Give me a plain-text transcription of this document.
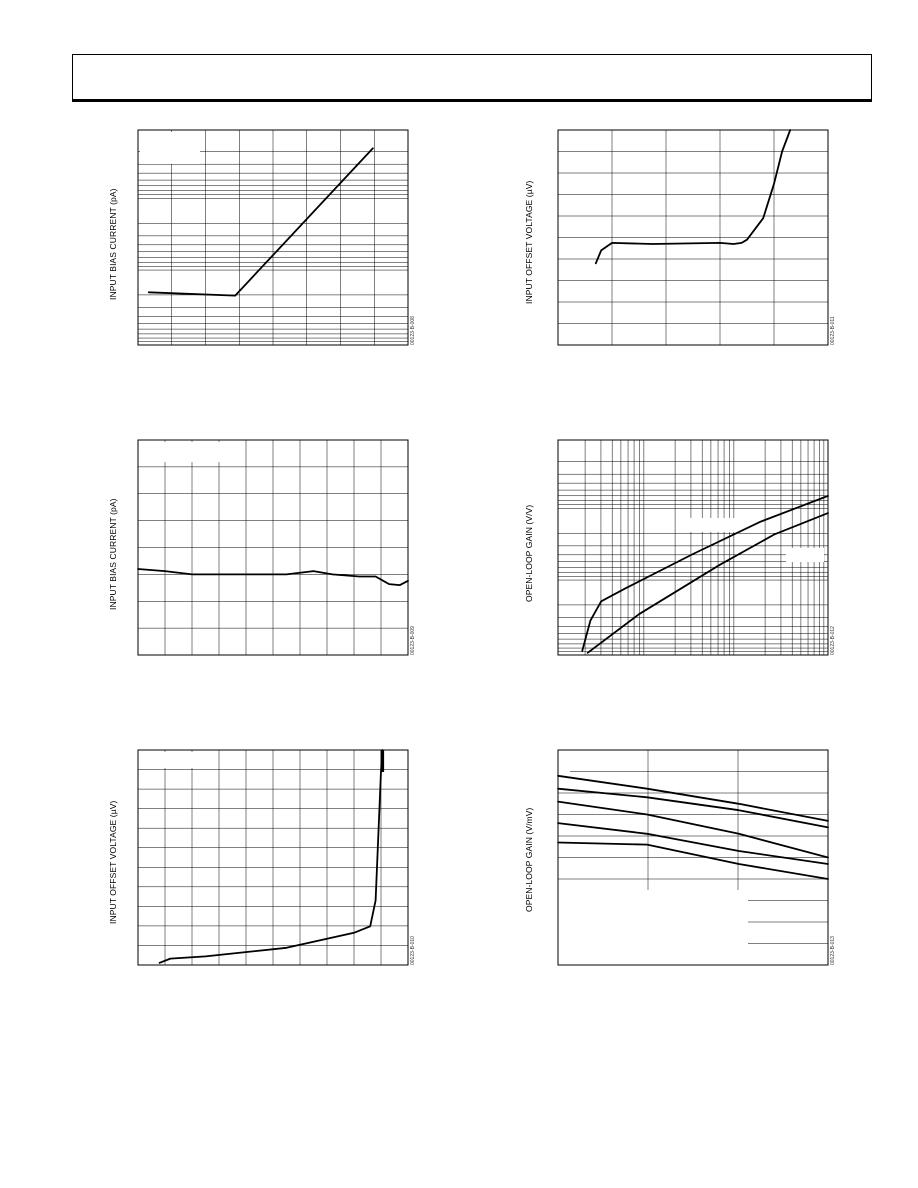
INPUT BIAS CURRENT (pA)
00123-B-008
INPUT OFFSET VOLTAGE (µV)
00123-B-011
INPUT BIAS CURRENT (pA)
00123-B-009
OPEN-LOOP GAIN (V/V)
00123-B-012
INPUT OFFSET VOLTAGE (µV)
00123-B-010
OPEN-LOOP GAIN (V/mV)
00123-B-013
